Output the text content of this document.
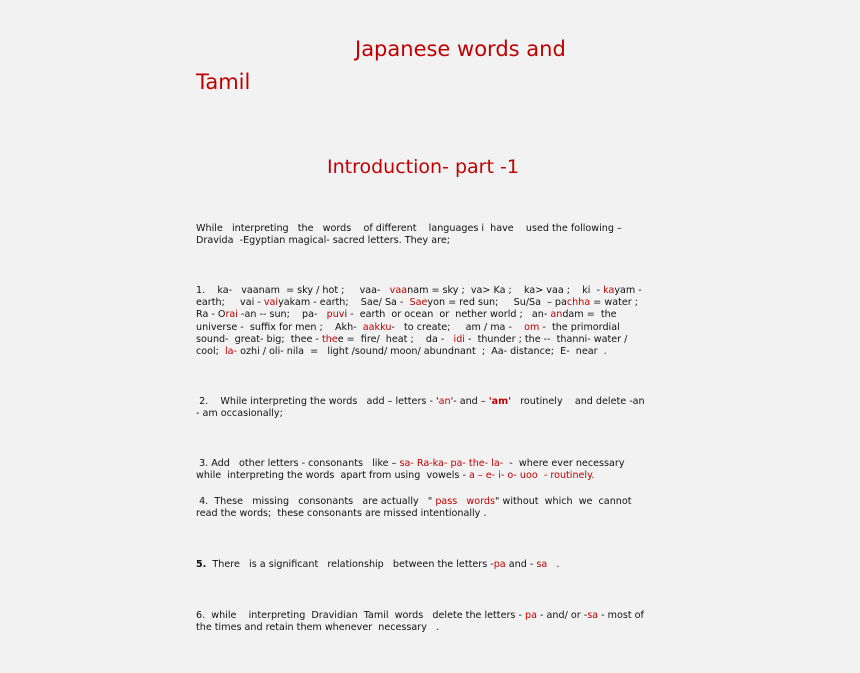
Japanese words and
Tamil
Introduction- part -1

While   interpreting   the   words    of different    languages i  have    used the following –
Dravida  -Egyptian magical- sacred letters. They are;

1.    ka-   vaanam  = sky / hot ;     vaa-   vaanam = sky ;  va> Ka ;    ka> vaa ;    ki  - kayam -
earth;     vai - vaiyakam - earth;    Sae/ Sa -  Saeyon = red sun;     Su/Sa  – pachha = water ;
Ra - Orai -an -- sun;    pa-   puvi -  earth  or ocean  or  nether world ;   an- andam =  the
universe -  suffix for men ;    Akh-  aakku-   to create;     am / ma -    om -  the primordial
sound-  great- big;  thee - thee =  fire/  heat ;    da -   idi -  thunder ; the --  thanni- water /
cool;  la- ozhi / oli- nila  =   light /sound/ moon/ abundnant  ;  Aa- distance;  E-  near  .

2.    While interpreting the words   add – letters - 'an'- and – 'am'   routinely    and delete -an
- am occasionally;

3. Add   other letters - consonants   like – sa- Ra-ka- pa- the- la-  -  where ever necessary
while  interpreting the words  apart from using  vowels - a – e- i- o- uoo  - routinely.

4.  These   missing   consonants   are actually   " pass   words" without  which  we  cannot
read the words;  these consonants are missed intentionally .

5.  There   is a significant   relationship   between the letters -pa and - sa   .

6.  while    interpreting  Dravidian  Tamil  words   delete the letters - pa - and/ or -sa - most of
the times and retain them whenever  necessary   .
